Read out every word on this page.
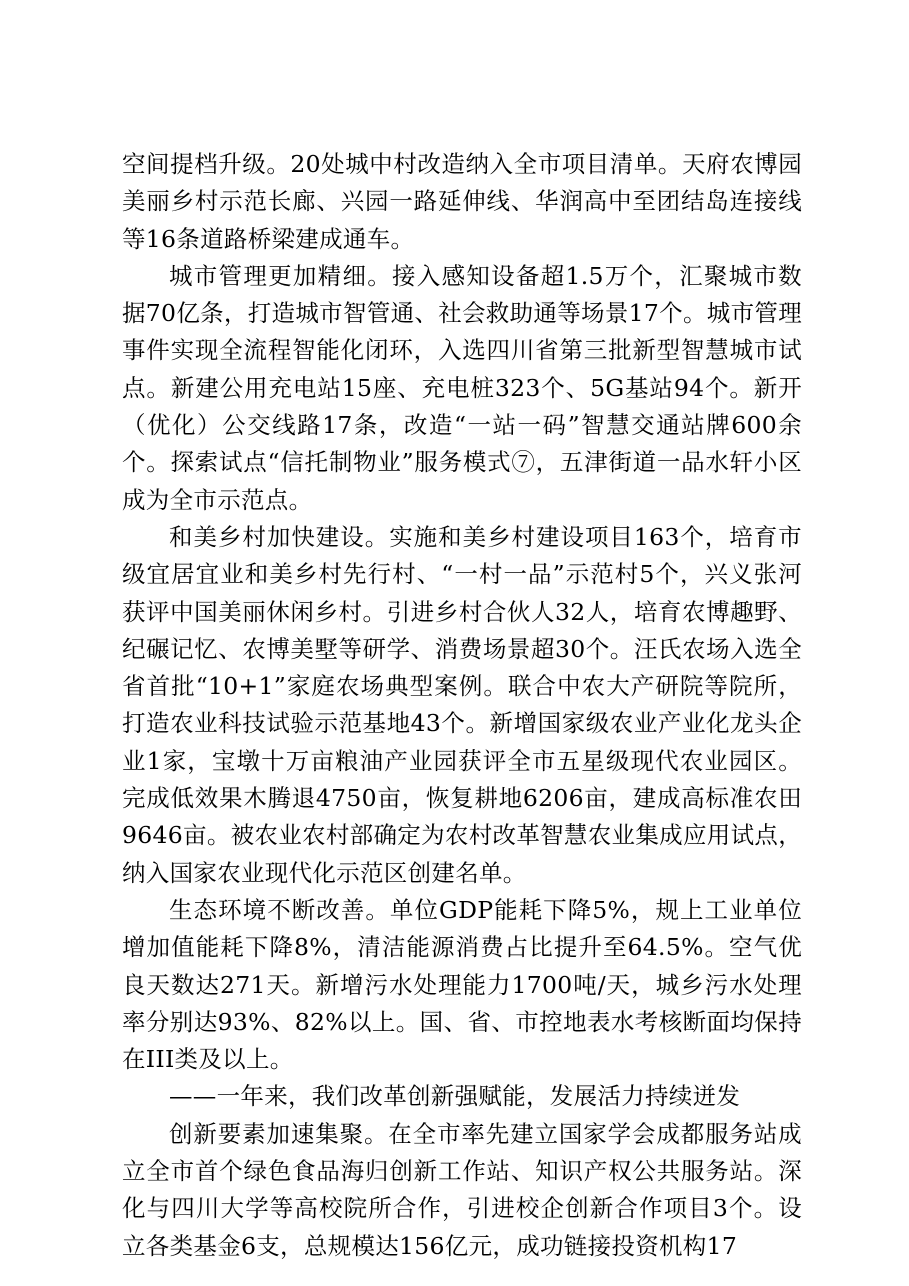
空间提档升级。20处城中村改造纳入全市项目清单。天府农博园美丽乡村示范长廊、兴园一路延伸线、华润高中至团结岛连接线等16条道路桥梁建成通车。

城市管理更加精细。接入感知设备超1.5万个，汇聚城市数据70亿条，打造城市智管通、社会救助通等场景17个。城市管理事件实现全流程智能化闭环，入选四川省第三批新型智慧城市试点。新建公用充电站15座、充电桩323个、5G基站94个。新开（优化）公交线路17条，改造“一站一码”智慧交通站牌600余个。探索试点“信托制物业”服务模式⑦，五津街道一品水轩小区成为全市示范点。

和美乡村加快建设。实施和美乡村建设项目163个，培育市级宜居宜业和美乡村先行村、“一村一品”示范村5个，兴义张河获评中国美丽休闲乡村。引进乡村合伙人32人，培育农博趣野、纪碾记忆、农博美墅等研学、消费场景超30个。汪氏农场入选全省首批“10+1”家庭农场典型案例。联合中农大产研院等院所，打造农业科技试验示范基地43个。新增国家级农业产业化龙头企业1家，宝墩十万亩粮油产业园获评全市五星级现代农业园区。完成低效果木腾退4750亩，恢复耕地6206亩，建成高标准农田9646亩。被农业农村部确定为农村改革智慧农业集成应用试点，纳入国家农业现代化示范区创建名单。

生态环境不断改善。单位GDP能耗下降5%，规上工业单位增加值能耗下降8%，清洁能源消费占比提升至64.5%。空气优良天数达271天。新增污水处理能力1700吨/天，城乡污水处理率分别达93%、82%以上。国、省、市控地表水考核断面均保持在III类及以上。

——一年来，我们改革创新强赋能，发展活力持续迸发

创新要素加速集聚。在全市率先建立国家学会成都服务站成立全市首个绿色食品海归创新工作站、知识产权公共服务站。深化与四川大学等高校院所合作，引进校企创新合作项目3个。设立各类基金6支，总规模达156亿元，成功链接投资机构17
